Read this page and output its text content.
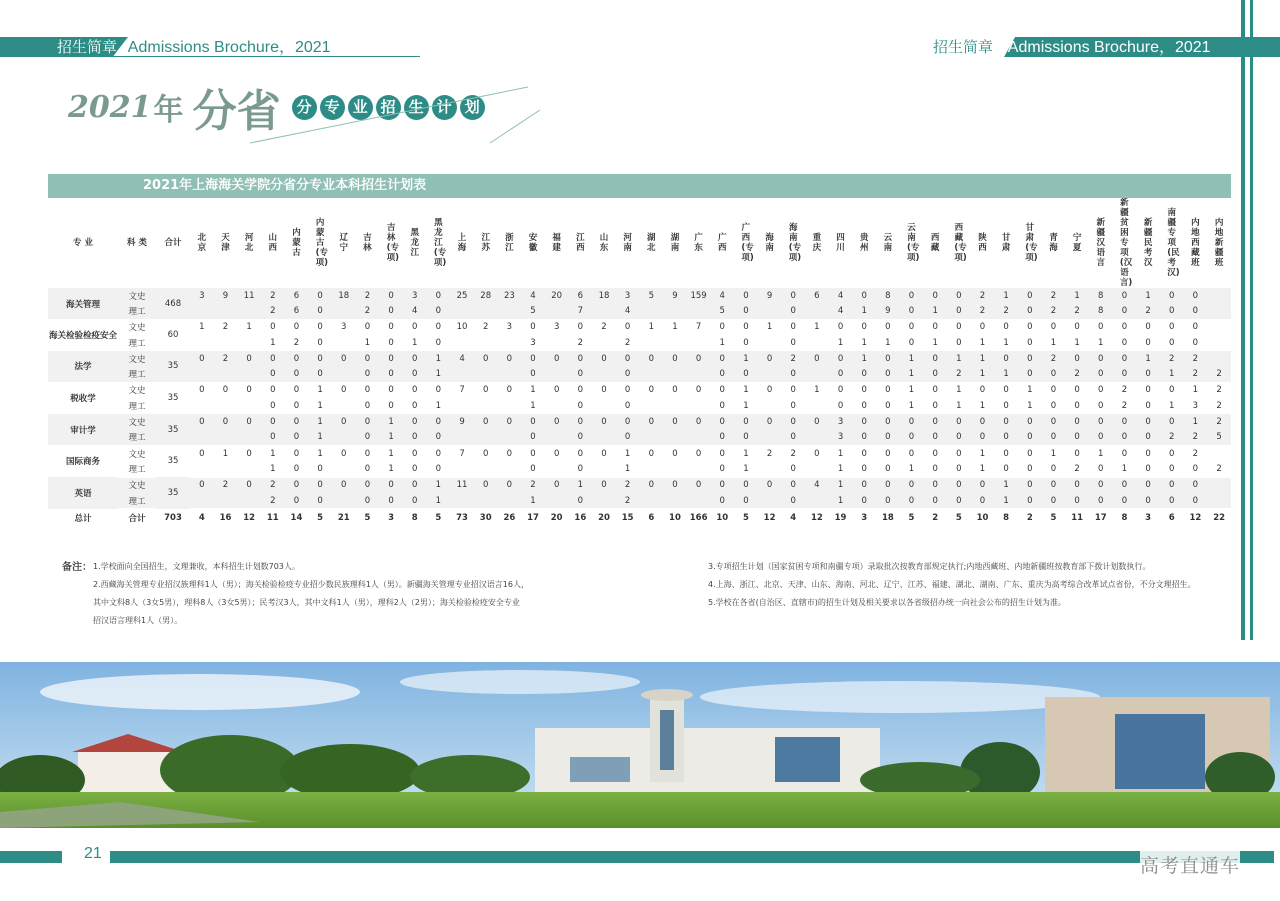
招生简章 Admissions Brochure，2021	招生简章 Admissions Brochure，2021
2021年 分省 分 专 业 招 生 计 划
2021年上海海关学院分省分专业本科招生计划表
专 业	科 类	合计	北京	天津	河北	山西	内蒙古	内蒙古(专项)	辽宁	吉林	吉林(专项)	黑龙江	黑龙江(专项)	上海	江苏	浙江	安徽	福建	江西	山东	河南	湖北	湖南	广东	广西	广西(专项)	海南	海南(专项)	重庆	四川	贵州	云南	云南(专项)	西藏	西藏(专项)	陕西	甘肃	甘肃(专项)	青海	宁夏	新疆汉语言	新疆贫困专项(汉语言)	新疆民考汉	南疆专项(民考汉)	内地西藏班	内地新疆班
海关管理	文史	468	3	9	11	2	6	0	18	2	0	3	0	25	28	23	4	20	6	18	3	5	9	159	4	0	9	0	6	4	0	8	0	0	0	2	1	0	2	1	8	0	1	0	0	
	理工					2	6	0		2	0	4	0				5		7		4				5	0		0		4	1	9	0	1	0	2	2	0	2	2	8	0	2	0	0	
海关检验检疫安全	文史	60	1	2	1	0	0	0	3	0	0	0	0	10	2	3	0	3	0	2	0	1	1	7	0	0	1	0	1	0	0	0	0	0	0	0	0	0	0	0	0	0	0	0	0	
	理工					1	2	0		1	0	1	0				3		2		2				1	0		0		1	1	1	0	1	0	1	1	0	1	1	1	0	0	0	0	
法学	文史	35	0	2	0	0	0	0	0	0	0	0	1	4	0	0	0	0	0	0	0	0	0	0	0	1	0	2	0	0	1	0	1	0	1	1	0	0	2	0	0	0	1	2	2	
	理工					0	0	0		0	0	0	1				0		0		0				0	0		0		0	0	0	1	0	2	1	1	0	0	2	0	0	0	1	2	2
税收学	文史	35	0	0	0	0	0	1	0	0	0	0	0	7	0	0	1	0	0	0	0	0	0	0	0	1	0	0	1	0	0	0	1	0	1	0	0	1	0	0	0	2	0	0	1	2
	理工					0	0	1		0	0	0	1				1		0		0				0	1		0		0	0	0	1	0	1	1	0	1	0	0	0	2	0	1	3	2
审计学	文史	35	0	0	0	0	0	1	0	0	1	0	0	9	0	0	0	0	0	0	0	0	0	0	0	0	0	0	0	3	0	0	0	0	0	0	0	0	0	0	0	0	0	0	1	2
	理工					0	0	1		0	1	0	0				0		0		0				0	0		0		3	0	0	0	0	0	0	0	0	0	0	0	0	0	2	2	5
国际商务	文史	35	0	1	0	1	0	1	0	0	1	0	0	7	0	0	0	0	0	0	1	0	0	0	0	1	2	2	0	1	0	0	0	0	0	1	0	0	1	0	1	0	0	0	2	
	理工					1	0	0		0	1	0	0				0		0		1				0	1		0		1	0	0	1	0	0	1	0	0	0	2	0	1	0	0	0	2
英语	文史	35	0	2	0	2	0	0	0	0	0	0	1	11	0	0	2	0	1	0	2	0	0	0	0	0	0	0	4	1	0	0	0	0	0	0	1	0	0	0	0	0	0	0	0	
	理工					2	0	0		0	0	0	1				1		0		2				0	0		0		1	0	0	0	0	0	0	1	0	0	0	0	0	0	0	0	
总计	合计	703	4	16	12	11	14	5	21	5	3	8	5	73	30	26	17	20	16	20	15	6	10	166	10	5	12	4	12	19	3	18	5	2	5	10	8	2	5	11	17	8	3	6	12	22
备注： 1.学校面向全国招生，文理兼收，本科招生计划数703人。
2.西藏海关管理专业招汉族理科1人（男）；海关检验检疫专业招少数民族理科1人（男）。新疆海关管理专业招汉语言16人，
其中文科8人（3女5男），理科8人（3女5男）；民考汉3人，其中文科1人（男），理科2人（2男）；海关检验检疫安全专业
招汉语言理科1人（男）。
3.专项招生计划（国家贫困专项和南疆专项）录取批次按教育部规定执行;内地西藏班、内地新疆班按教育部下拨计划数执行。
4.上海、浙江、北京、天津、山东、海南、河北、辽宁、江苏、福建、湖北、湖南、广东、重庆为高考综合改革试点省份，不分文理招生。
5.学校在各省(自治区、直辖市)的招生计划及相关要求以各省级招办统一向社会公布的招生计划为准。
21
高考直通车
